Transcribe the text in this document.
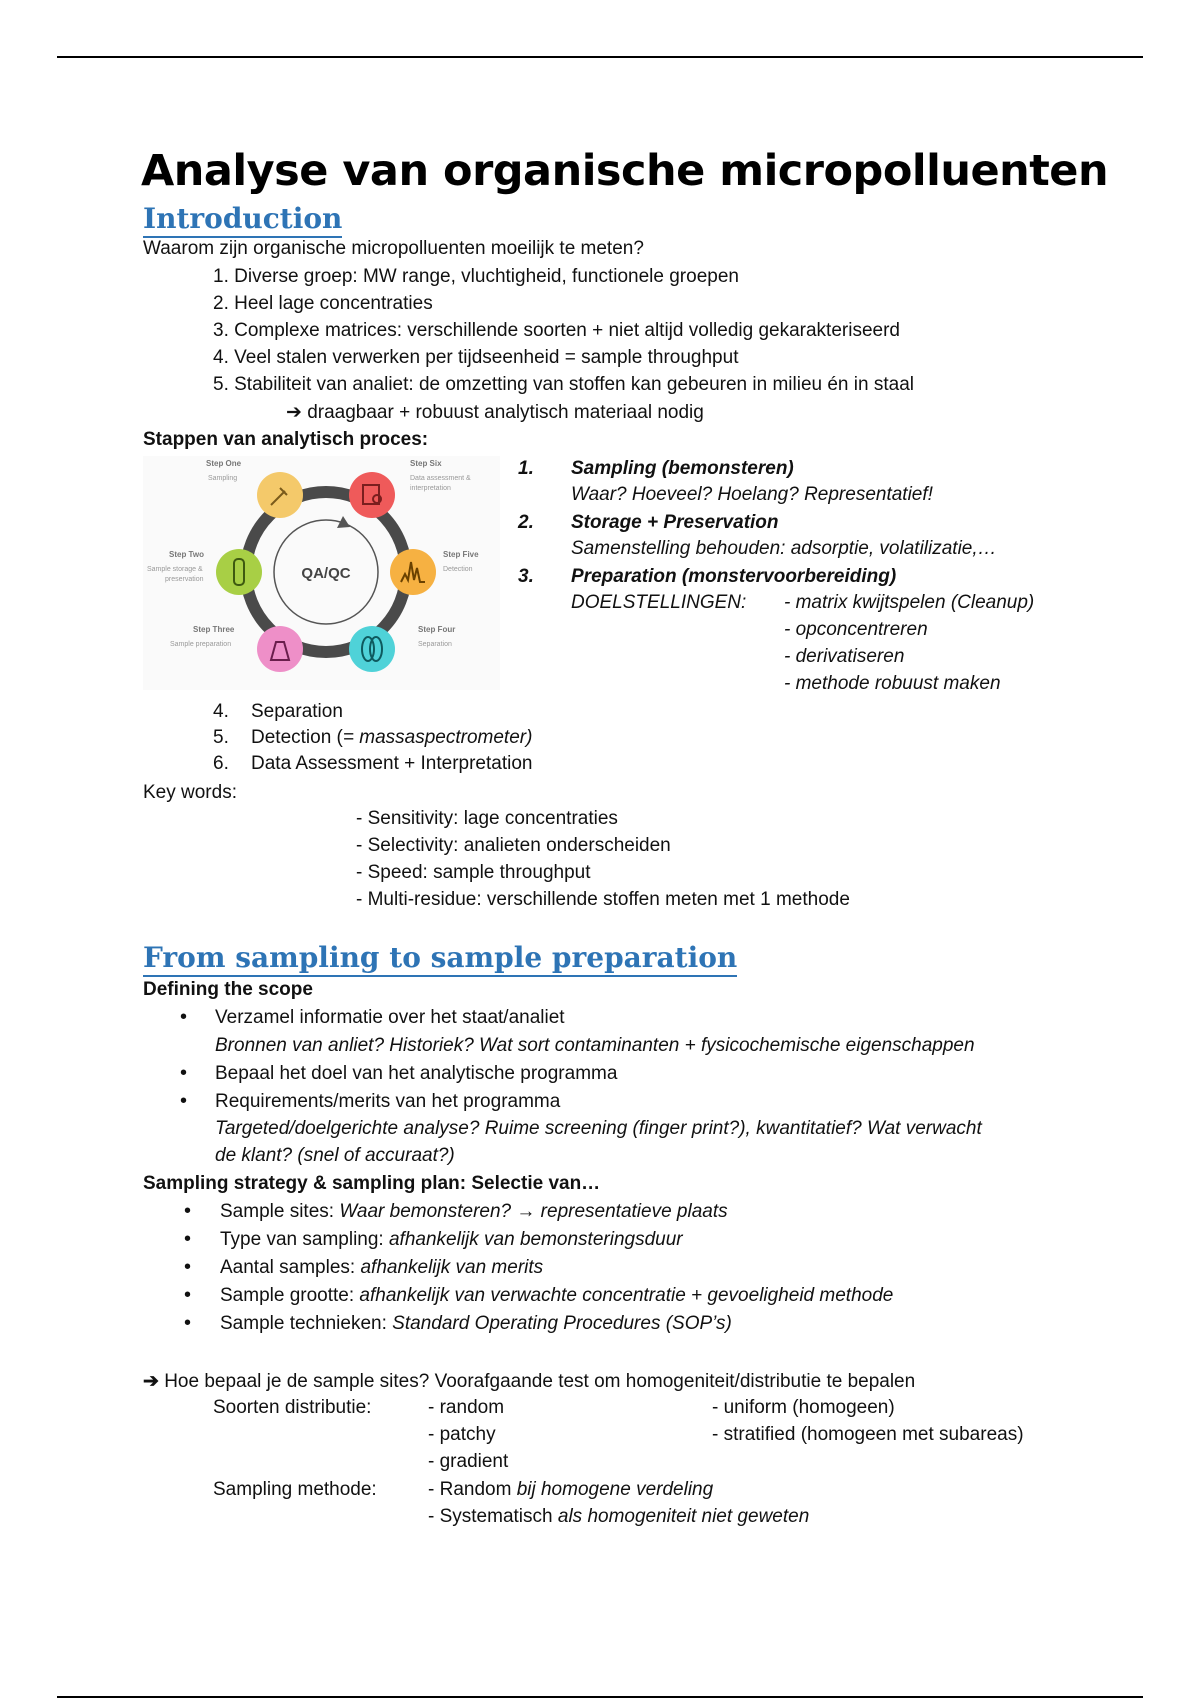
Analyse van organische micropolluenten
Introduction
Waarom zijn organische micropolluenten moeilijk te meten?
1. Diverse groep: MW range, vluchtigheid, functionele groepen
2. Heel lage concentraties
3. Complexe matrices: verschillende soorten + niet altijd volledig gekarakteriseerd
4. Veel stalen verwerken per tijdseenheid = sample throughput
5. Stabiliteit van analiet: de omzetting van stoffen kan gebeuren in milieu én in staal
➔ draagbaar + robuust analytisch materiaal nodig
Stappen van analytisch proces:
QA/QC
Step One
Sampling
Step Six
Data assessment &
interpretation
Step Two
Sample storage &
preservation
Step Five
Detection
Step Three
Sample preparation
Step Four
Separation
1. Sampling (bemonsteren)
Waar? Hoeveel? Hoelang? Representatief!
2. Storage + Preservation
Samenstelling behouden: adsorptie, volatilizatie,…
3. Preparation (monstervoorbereiding)
DOELSTELLINGEN: - matrix kwijtspelen (Cleanup)
- opconcentreren
- derivatiseren
- methode robuust maken
4. Separation
5. Detection (= massaspectrometer)
6. Data Assessment + Interpretation
Key words:
- Sensitivity: lage concentraties
- Selectivity: analieten onderscheiden
- Speed: sample throughput
- Multi-residue: verschillende stoffen meten met 1 methode
From sampling to sample preparation
Defining the scope
• Verzamel informatie over het staat/analiet
Bronnen van anliet? Historiek? Wat sort contaminanten + fysicochemische eigenschappen
• Bepaal het doel van het analytische programma
• Requirements/merits van het programma
Targeted/doelgerichte analyse? Ruime screening (finger print?), kwantitatief? Wat verwacht
de klant? (snel of accuraat?)
Sampling strategy & sampling plan: Selectie van…
• Sample sites: Waar bemonsteren? → representatieve plaats
• Type van sampling: afhankelijk van bemonsteringsduur
• Aantal samples: afhankelijk van merits
• Sample grootte: afhankelijk van verwachte concentratie + gevoeligheid methode
• Sample technieken: Standard Operating Procedures (SOP’s)
➔ Hoe bepaal je de sample sites? Voorafgaande test om homogeniteit/distributie te bepalen
Soorten distributie:	- random
- patchy
- gradient
- uniform (homogeen)
- stratified (homogeen met subareas)
Sampling methode:	- Random bij homogene verdeling
- Systematisch als homogeniteit niet geweten
